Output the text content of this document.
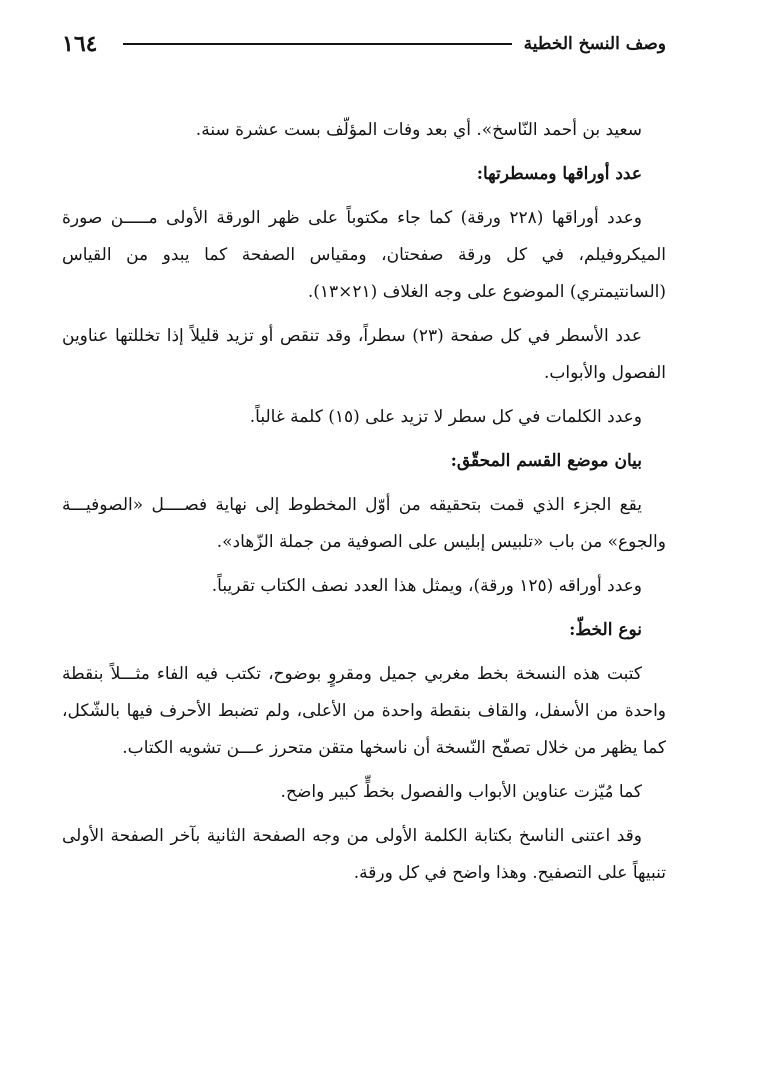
وصف النسخ الخطية
١٦٤

سعيد بن أحمد النّاسخ». أي بعد وفات المؤلّف بست عشرة سنة.

عدد أوراقها ومسطرتها:

وعدد أوراقها (٢٢٨ ورقة) كما جاء مكتوباً على ظهر الورقة الأولى مـــــن صورة الميكروفيلم، في كل ورقة صفحتان، ومقياس الصفحة كما يبدو من القياس (السانتيمتري) الموضوع على وجه الغلاف (٢١×١٣).

عدد الأسطر في كل صفحة (٢٣) سطراً، وقد تنقص أو تزيد قليلاً إذا تخللتها عناوين الفصول والأبواب.

وعدد الكلمات في كل سطر لا تزيد على (١٥) كلمة غالباً.

بيان موضع القسم المحقّق:

يقع الجزء الذي قمت بتحقيقه من أوّل المخطوط إلى نهاية فصــــل «الصوفيـــة والجوع» من باب «تلبيس إبليس على الصوفية من جملة الزّهاد».

وعدد أوراقه (١٢٥ ورقة)، ويمثل هذا العدد نصف الكتاب تقريباً.

نوع الخطّ:

كتبت هذه النسخة بخط مغربي جميل ومقروٍ بوضوح، تكتب فيه الفاء مثـــلاً بنقطة واحدة من الأسفل، والقاف بنقطة واحدة من الأعلى، ولم تضبط الأحرف فيها بالشّكل، كما يظهر من خلال تصفّح النّسخة أن ناسخها متقن متحرز عـــن تشويه الكتاب.

كما مُيّزت عناوين الأبواب والفصول بخطٍّ كبير واضح.

وقد اعتنى الناسخ بكتابة الكلمة الأولى من وجه الصفحة الثانية بآخر الصفحة الأولى تنبيهاً على التصفيح. وهذا واضح في كل ورقة.
